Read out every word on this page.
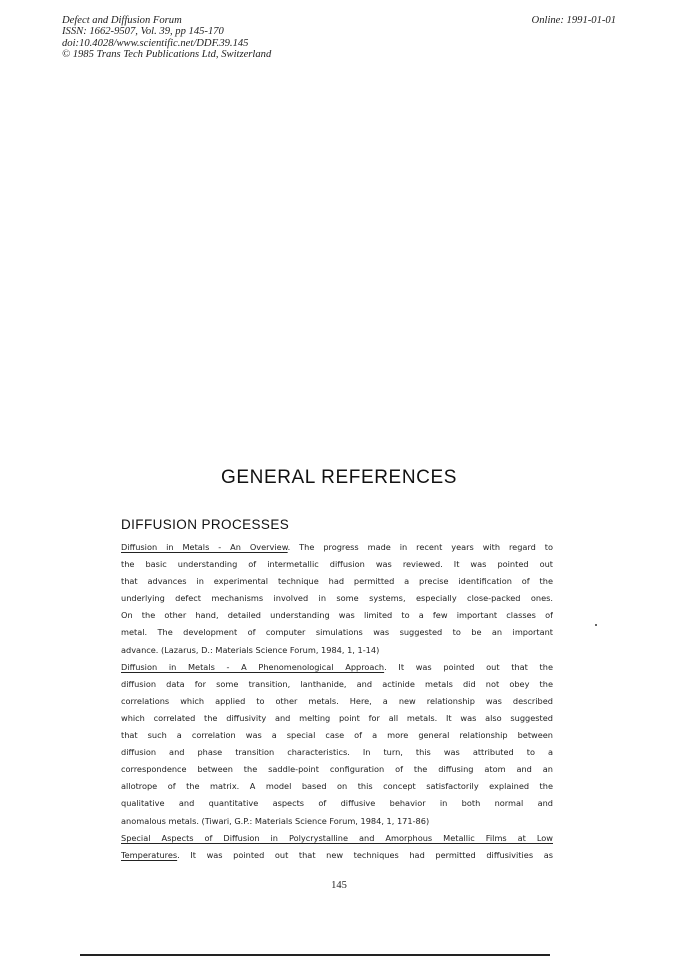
Defect and Diffusion Forum
ISSN: 1662-9507, Vol. 39, pp 145-170
doi:10.4028/www.scientific.net/DDF.39.145
© 1985 Trans Tech Publications Ltd, Switzerland
Online: 1991-01-01
GENERAL REFERENCES
DIFFUSION PROCESSES
Diffusion in Metals - An Overview. The progress made in recent years with regard to
the basic understanding of intermetallic diffusion was reviewed. It was pointed out
that advances in experimental technique had permitted a precise identification of the
underlying defect mechanisms involved in some systems, especially close-packed ones.
On the other hand, detailed understanding was limited to a few important classes of
metal. The development of computer simulations was suggested to be an important
advance. (Lazarus, D.: Materials Science Forum, 1984, 1, 1-14)
Diffusion in Metals - A Phenomenological Approach. It was pointed out that the
diffusion data for some transition, lanthanide, and actinide metals did not obey the
correlations which applied to other metals. Here, a new relationship was described
which correlated the diffusivity and melting point for all metals. It was also suggested
that such a correlation was a special case of a more general relationship between
diffusion and phase transition characteristics. In turn, this was attributed to a
correspondence between the saddle-point configuration of the diffusing atom and an
allotrope of the matrix. A model based on this concept satisfactorily explained the
qualitative and quantitative aspects of diffusive behavior in both normal and
anomalous metals. (Tiwari, G.P.: Materials Science Forum, 1984, 1, 171-86)
Special Aspects of Diffusion in Polycrystalline and Amorphous Metallic Films at Low
Temperatures. It was pointed out that new techniques had permitted diffusivities as
145
